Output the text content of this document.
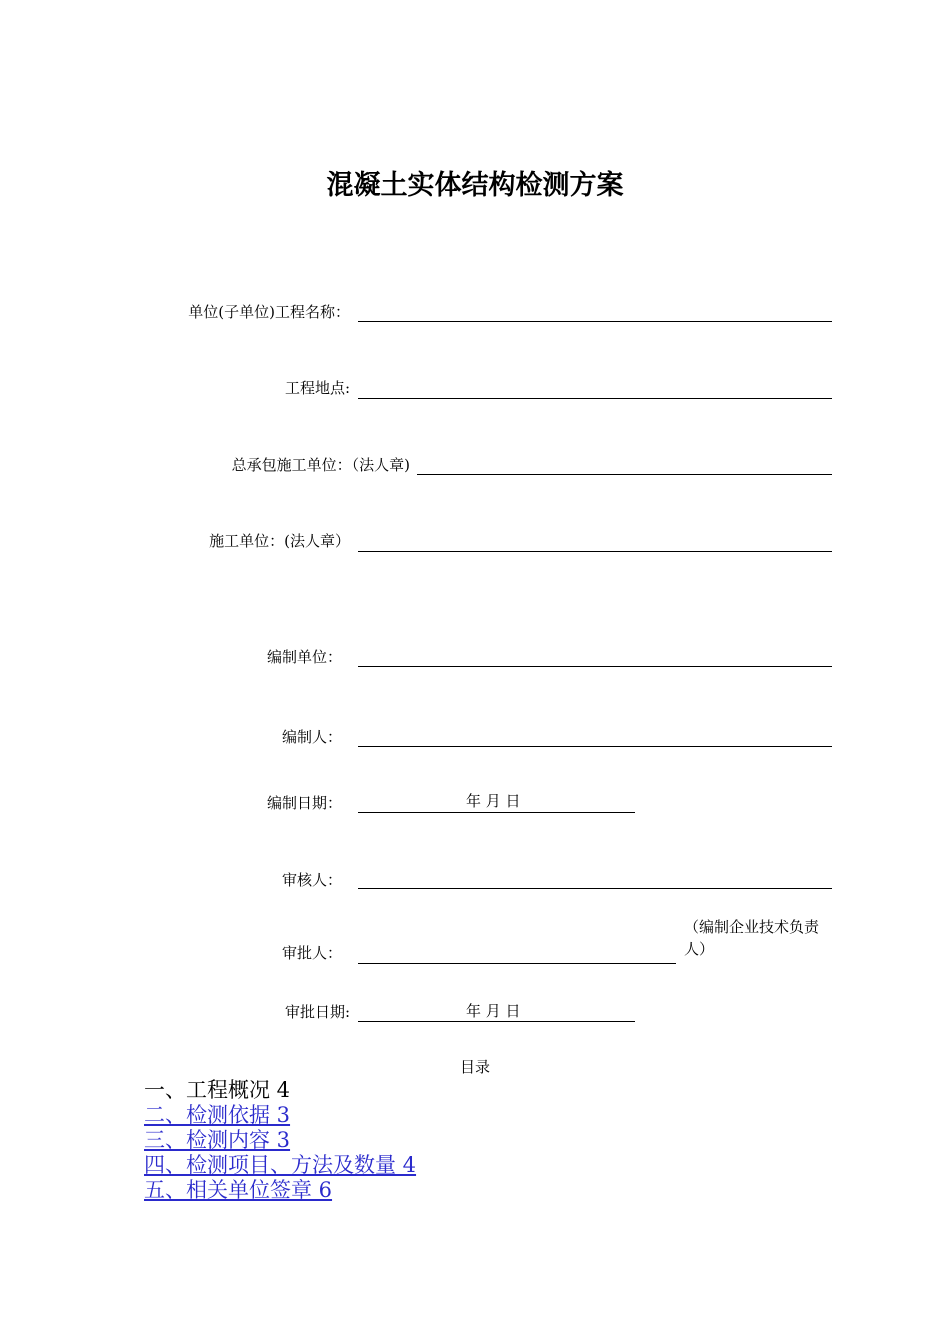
混凝土实体结构检测方案
单位(子单位)工程名称：
工程地点:
总承包施工单位：（法人章)
施工单位：(法人章）
编制单位：
编制人：
编制日期：	年 月 日
审核人：
审批人：
（编制企业技术负责人）
审批日期:	年 月 日
目录
一、工程概况 4
二、检测依据 3
三、检测内容 3
四、检测项目、方法及数量 4
五、相关单位签章 6
